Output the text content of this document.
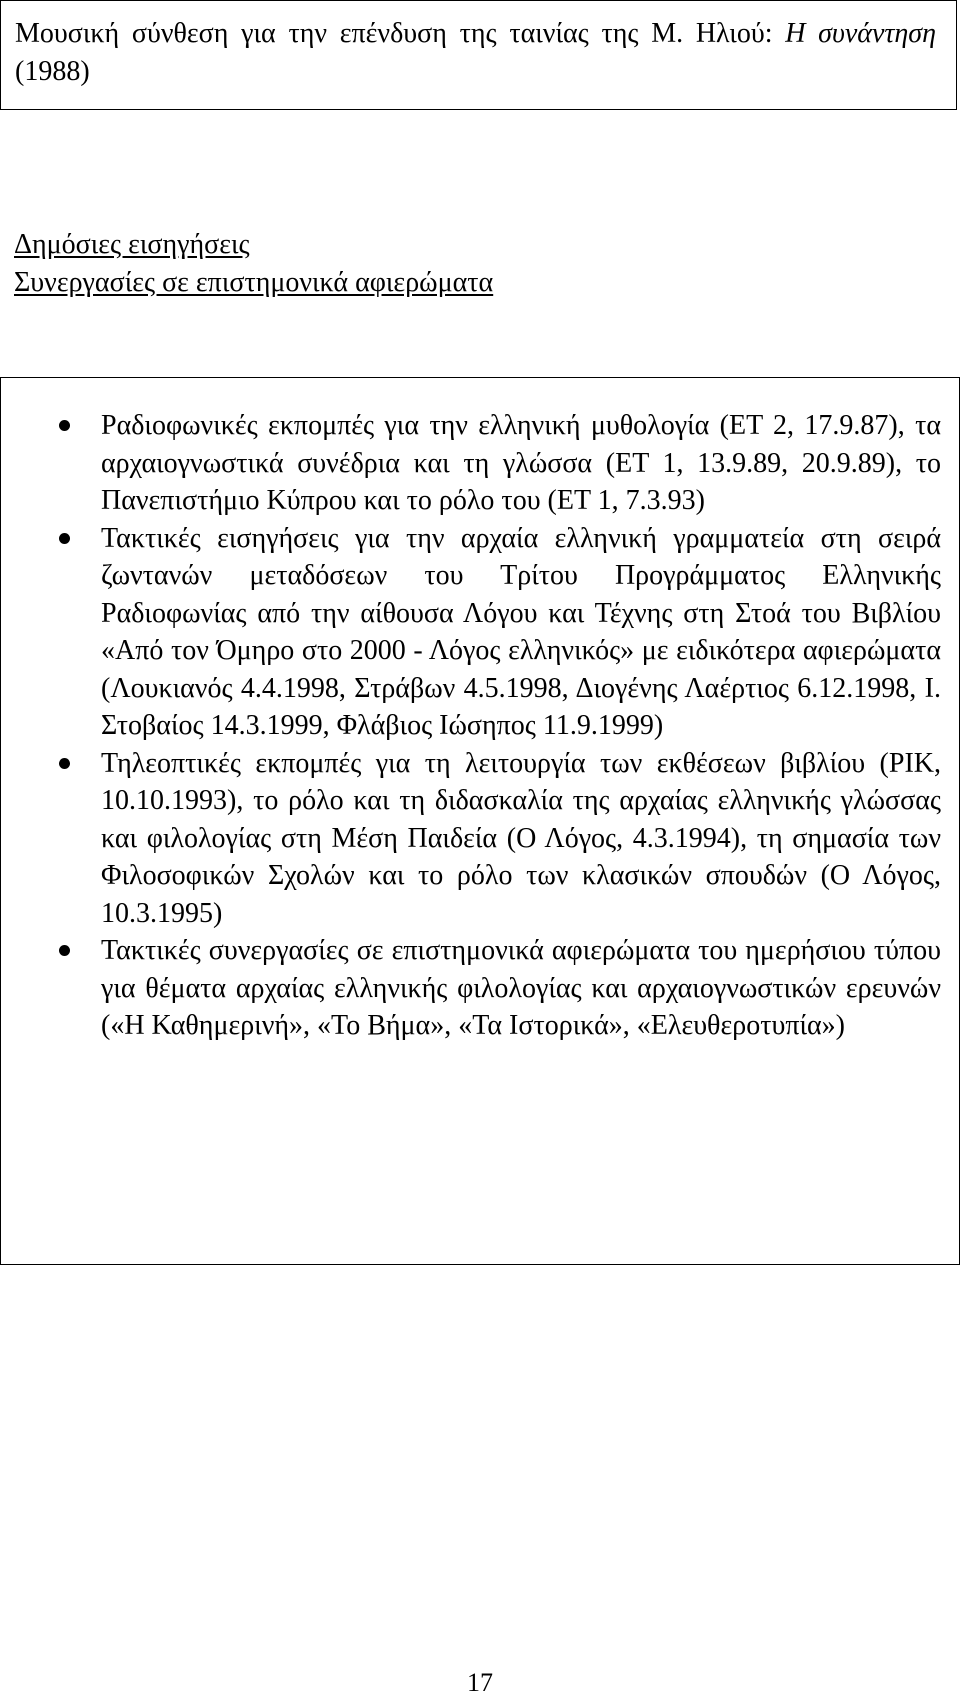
Μουσική σύνθεση για την επένδυση της ταινίας της Μ. Ηλιού: Η συνάντηση (1988)
Δημόσιες εισηγήσεις
Συνεργασίες σε επιστημονικά αφιερώματα
Ραδιοφωνικές εκπομπές για την ελληνική μυθολογία (ΕΤ 2, 17.9.87), τα αρχαιογνωστικά συνέδρια και τη γλώσσα (ΕΤ 1, 13.9.89, 20.9.89), το Πανεπιστήμιο Κύπρου και το ρόλο του (ΕΤ 1, 7.3.93)
Τακτικές εισηγήσεις για την αρχαία ελληνική γραμματεία στη σειρά ζωντανών μεταδόσεων του Τρίτου Προγράμματος Ελληνικής Ραδιοφωνίας από την αίθουσα Λόγου και Τέχνης στη Στοά του Βιβλίου «Από τον Όμηρο στο 2000 - Λόγος ελληνικός» με ειδικότερα αφιερώματα (Λουκιανός 4.4.1998, Στράβων 4.5.1998, Διογένης Λαέρτιος 6.12.1998, Ι. Στοβαίος 14.3.1999, Φλάβιος Ιώσηπος 11.9.1999)
Τηλεοπτικές εκπομπές για τη λειτουργία των εκθέσεων βιβλίου (ΡΙΚ, 10.10.1993), το ρόλο και τη διδασκαλία της αρχαίας ελληνικής γλώσσας και φιλολογίας στη Μέση Παιδεία (Ο Λόγος, 4.3.1994), τη σημασία των Φιλοσοφικών Σχολών και το ρόλο των κλασικών σπουδών (Ο Λόγος, 10.3.1995)
Τακτικές συνεργασίες σε επιστημονικά αφιερώματα του ημερήσιου τύπου για θέματα αρχαίας ελληνικής φιλολογίας και αρχαιογνωστικών ερευνών («Η Καθημερινή», «Το Βήμα», «Τα Ιστορικά», «Ελευθεροτυπία»)
17
